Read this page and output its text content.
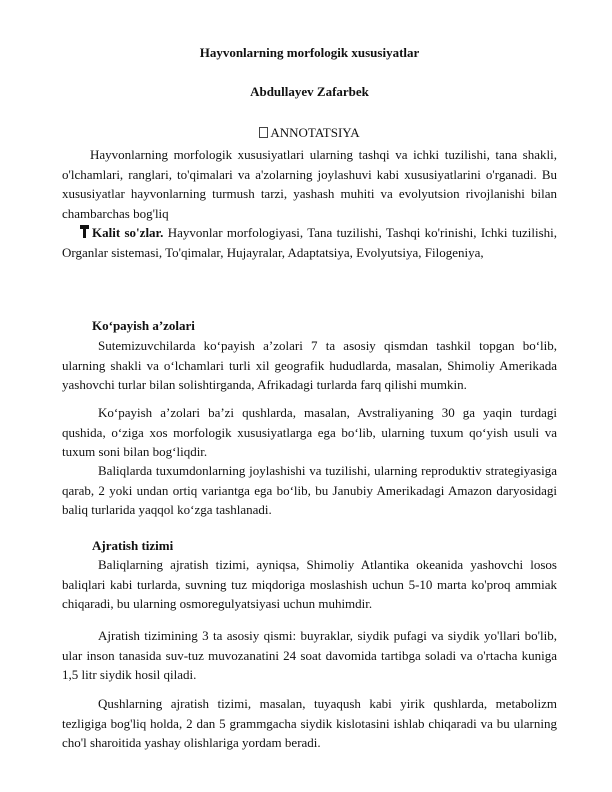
Hayvonlarning morfologik xususiyatlar

Abdullayev Zafarbek

ANNOTATSIYA

Hayvonlarning morfologik xususiyatlari ularning tashqi va ichki tuzilishi, tana shakli, o'lchamlari, ranglari, to'qimalari va a'zolarning joylashuvi kabi xususiyatlarini o'rganadi. Bu xususiyatlar hayvonlarning turmush tarzi, yashash muhiti va evolyutsion rivojlanishi bilan chambarchas bog'liq

Kalit so'zlar. Hayvonlar morfologiyasi, Tana tuzilishi, Tashqi ko'rinishi, Ichki tuzilishi, Organlar sistemasi, To'qimalar, Hujayralar, Adaptatsiya, Evolyutsiya, Filogeniya,

Ko‘payish a’zolari

Sutemizuvchilarda ko‘payish a’zolari 7 ta asosiy qismdan tashkil topgan bo‘lib, ularning shakli va o‘lchamlari turli xil geografik hududlarda, masalan, Shimoliy Amerikada yashovchi turlar bilan solishtirganda, Afrikadagi turlarda farq qilishi mumkin.

Ko‘payish a’zolari ba’zi qushlarda, masalan, Avstraliyaning 30 ga yaqin turdagi qushida, o‘ziga xos morfologik xususiyatlarga ega bo‘lib, ularning tuxum qo‘yish usuli va tuxum soni bilan bog‘liqdir.

Baliqlarda tuxumdonlarning joylashishi va tuzilishi, ularning reproduktiv strategiyasiga qarab, 2 yoki undan ortiq variantga ega bo‘lib, bu Janubiy Amerikadagi Amazon daryosidagi baliq turlarida yaqqol ko‘zga tashlanadi.

Ajratish tizimi

Baliqlarning ajratish tizimi, ayniqsa, Shimoliy Atlantika okeanida yashovchi losos baliqlari kabi turlarda, suvning tuz miqdoriga moslashish uchun 5-10 marta ko'proq ammiak chiqaradi, bu ularning osmoregulyatsiyasi uchun muhimdir.

Ajratish tizimining 3 ta asosiy qismi: buyraklar, siydik pufagi va siydik yo'llari bo'lib, ular inson tanasida suv-tuz muvozanatini 24 soat davomida tartibga soladi va o'rtacha kuniga 1,5 litr siydik hosil qiladi.

Qushlarning ajratish tizimi, masalan, tuyaqush kabi yirik qushlarda, metabolizm tezligiga bog'liq holda, 2 dan 5 grammgacha siydik kislotasini ishlab chiqaradi va bu ularning cho'l sharoitida yashay olishlariga yordam beradi.
